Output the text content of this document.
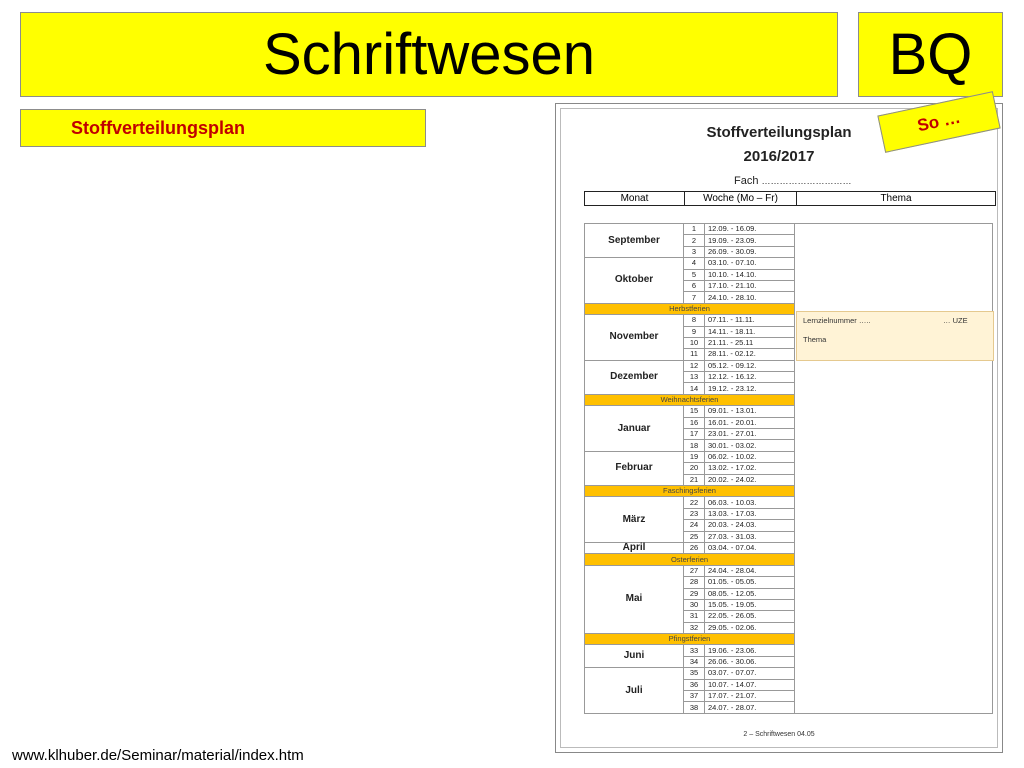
Schriftwesen	BQ
Stoffverteilungsplan	Stoffverteilungsplan
2016/2017
Fach …………………………
Monat	Woche (Mo – Fr)	Thema

September	1	12.09. - 16.09.	
	2	19.09. - 23.09.	
	3	26.09. - 30.09.	
Oktober	4	03.10. - 07.10.	
	5	10.10. - 14.10.	
	6	17.10. - 21.10.	
	7	24.10. - 28.10.	
Herbstferien			
November	8	07.11. - 11.11.	
	9	14.11. - 18.11.	
	10	21.11. - 25.11	
	11	28.11. - 02.12.	
Dezember	12	05.12. - 09.12.	
	13	12.12. - 16.12.	
	14	19.12. - 23.12.	
Weihnachtsferien			
Januar	15	09.01. - 13.01.	
	16	16.01. - 20.01.	
	17	23.01. - 27.01.	
	18	30.01. - 03.02.	
Februar	19	06.02. - 10.02.	
	20	13.02. - 17.02.	
	21	20.02. - 24.02.	
Faschingsferien			
März	22	06.03. - 10.03.	
	23	13.03. - 17.03.	
	24	20.03. - 24.03.	
	25	27.03. - 31.03.	
April	26	03.04. - 07.04.	
Osterferien			
Mai	27	24.04. - 28.04.	
	28	01.05. - 05.05.	
	29	08.05. - 12.05.	
	30	15.05. - 19.05.	
	31	22.05. - 26.05.	
	32	29.05. - 02.06.	
Pfingstferien			
Juni	33	19.06. - 23.06.	
	34	26.06. - 30.06.	
Juli	35	03.07. - 07.07.	
	36	10.07. - 14.07.	
	37	17.07. - 21.07.	
	38	24.07. - 28.07.	
Lernzielnummer …..	… UZE
Thema
2 – Schriftwesen 04.05
So …
www.klhuber.de/Seminar/material/index.htm
